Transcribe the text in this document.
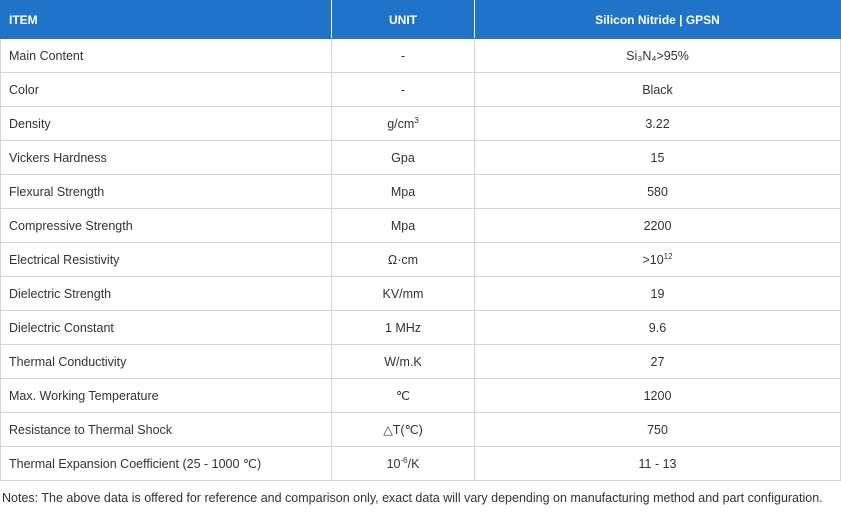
ITEM	UNIT	Silicon Nitride | GPSN
Main Content	-	Si₃N₄>95%
Color	-	Black
Density	$g/cm^3$	3.22
Vickers Hardness	Gpa	15
Flexural Strength	Mpa	580
Compressive Strength	Mpa	2200
Electrical Resistivity	Ω·cm	$>10^{12}$
Dielectric Strength	KV/mm	19
Dielectric Constant	1 MHz	9.6
Thermal Conductivity	W/m.K	27
Max. Working Temperature	℃	1200
Resistance to Thermal Shock	△T(℃)	750
Thermal Expansion Coefficient (25 - 1000 ℃)	$10^{-6}/K$	11 - 13
Notes: The above data is offered for reference and comparison only, exact data will vary depending on manufacturing method and part configuration.
